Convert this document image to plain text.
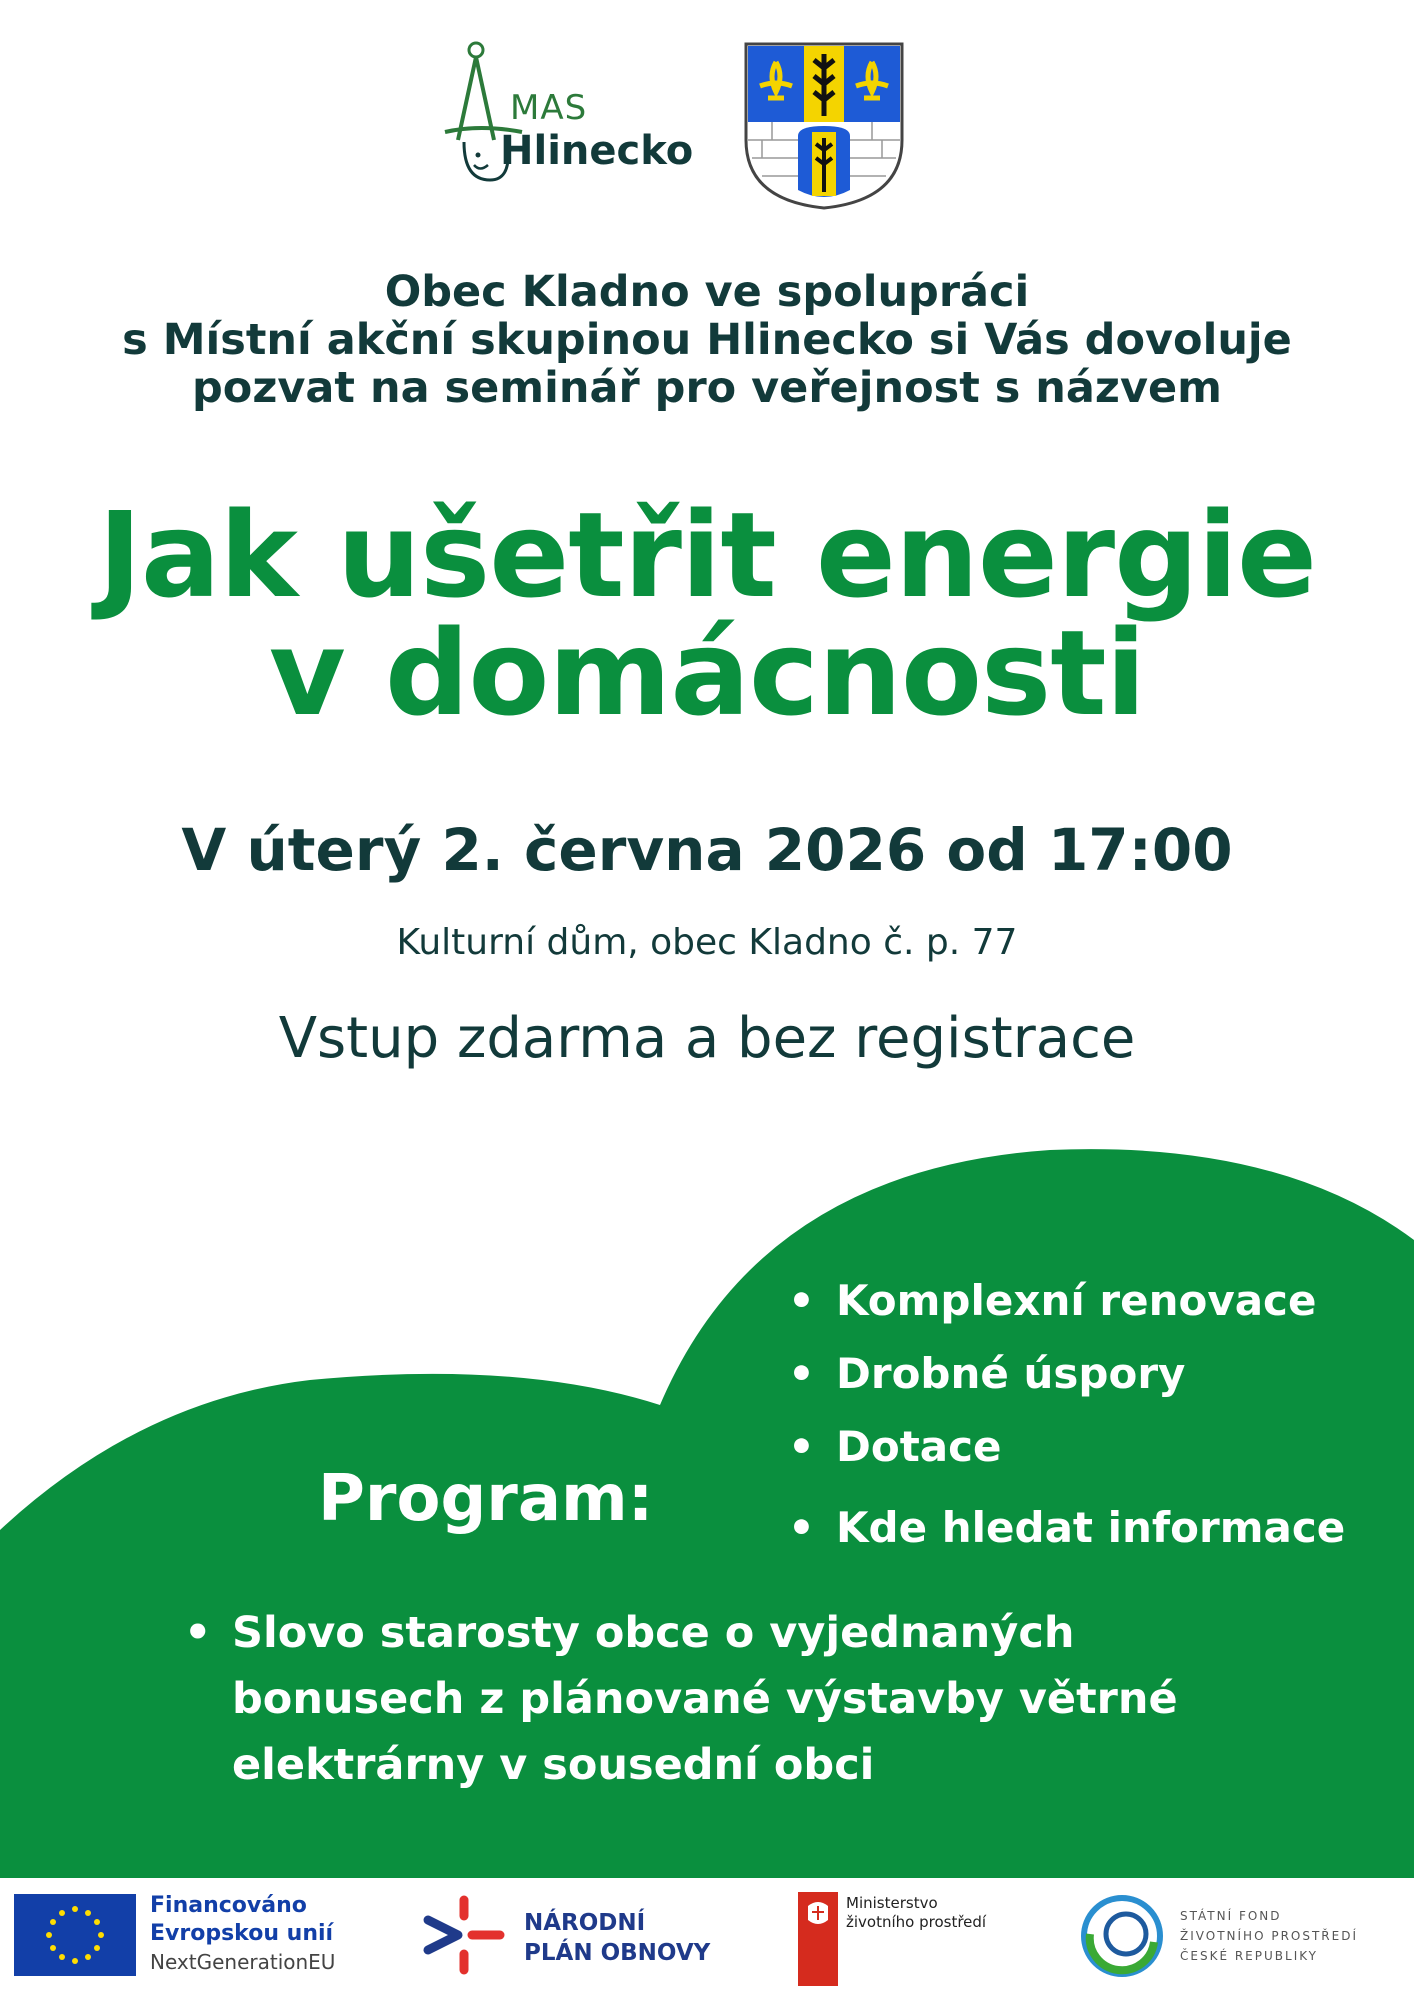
MAS
Hlinecko
Obec Kladno ve spolupráci
s Místní akční skupinou Hlinecko si Vás dovoluje
pozvat na seminář pro veřejnost s názvem
Jak ušetřit energie
v domácnosti
V úterý 2. června 2026 od 17:00
Kulturní dům, obec Kladno č. p. 77
Vstup zdarma a bez registrace
• Komplexní renovace
• Drobné úspory
• Dotace
• Kde hledat informace
Program:
• Slovo starosty obce o vyjednaných bonusech z plánované výstavby větrné elektrárny v sousední obci
Financováno
Evropskou unií
NextGenerationEU
NÁRODNÍ
PLÁN OBNOVY
Ministerstvo
životního prostředí	STÁTNÍ FOND
ŽIVOTNÍHO PROSTŘEDÍ
ČESKÉ REPUBLIKY
